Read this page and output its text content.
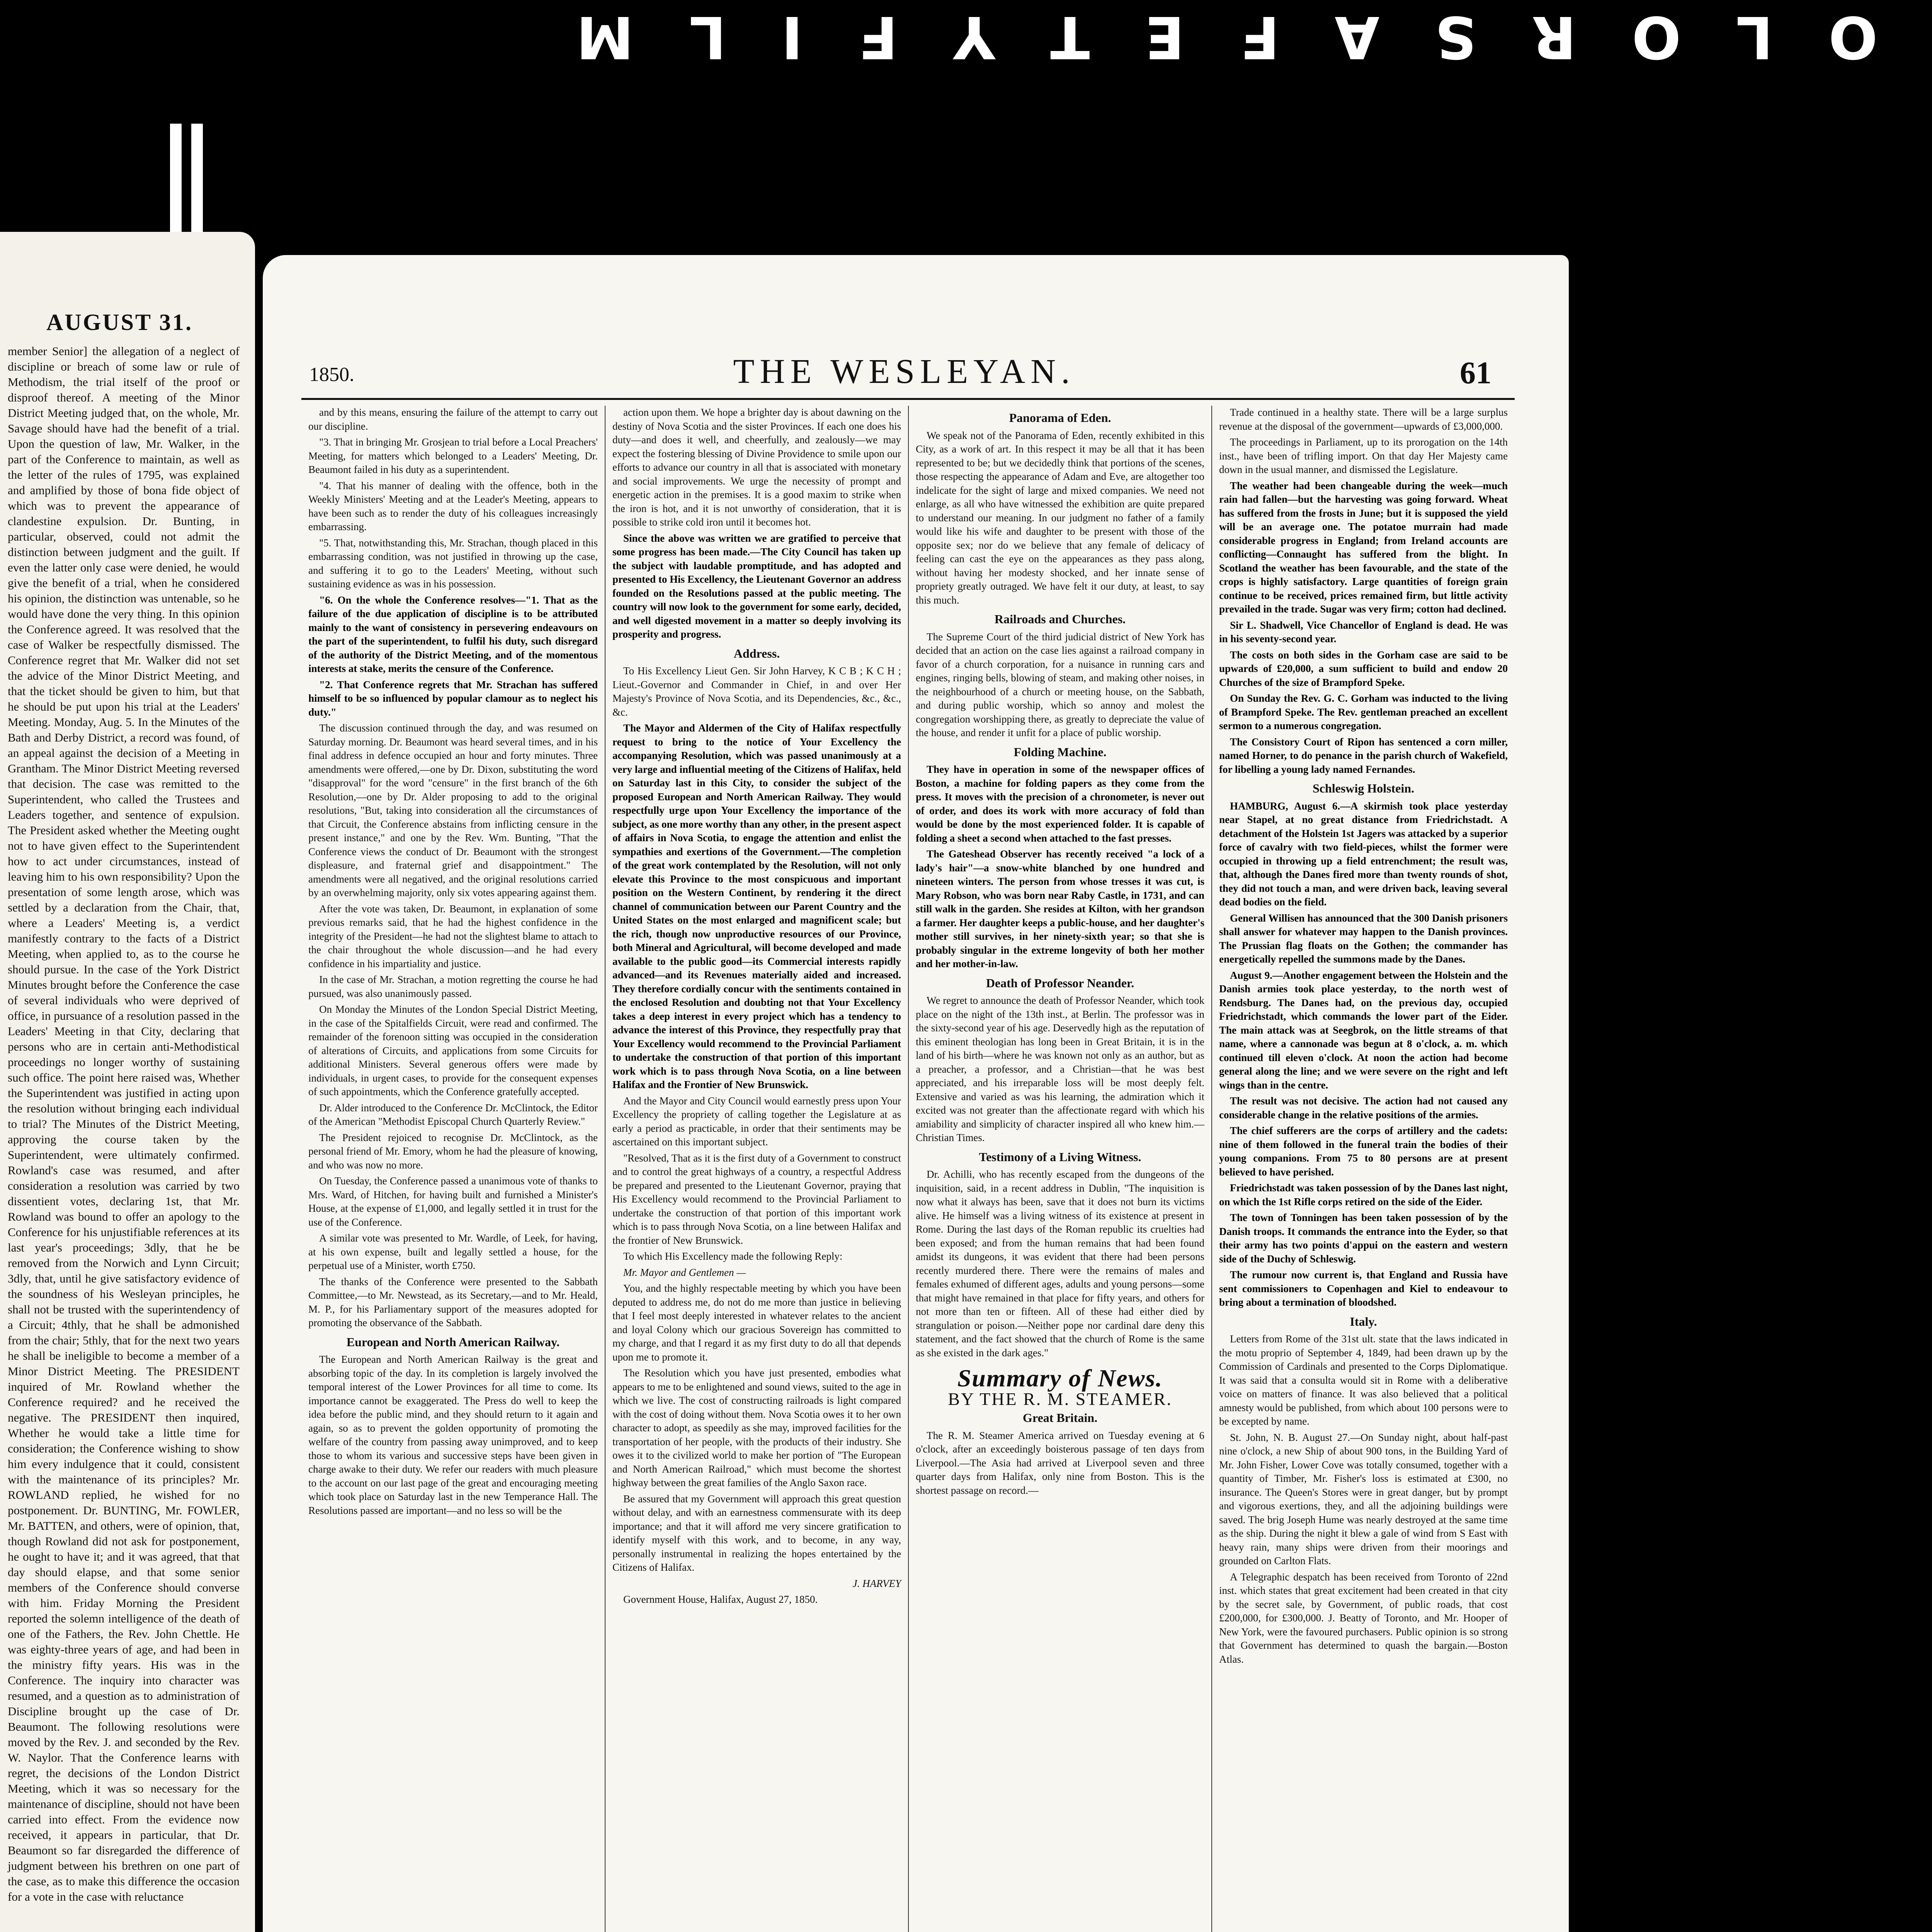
M L I F Y T E F A S R O L O
AUGUST 31.
member Senior] the allegation of a neglect of discipline or breach of some law or rule of Methodism, the trial itself of the proof or disproof thereof. A meeting of the Minor District Meeting judged that, on the whole, Mr. Savage should have had the benefit of a trial. Upon the question of law, Mr. Walker, in the part of the Conference to maintain, as well as the letter of the rules of 1795, was explained and amplified by those of bona fide object of which was to prevent the appearance of clandestine expulsion. Dr. Bunting, in particular, observed, could not admit the distinction between judgment and the guilt. If even the latter only case were denied, he would give the benefit of a trial, when he considered his opinion, the distinction was untenable, so he would have done the very thing. In this opinion the Conference agreed. It was resolved that the case of Walker be respectfully dismissed. The Conference regret that Mr. Walker did not set the advice of the Minor District Meeting, and that the ticket should be given to him, but that he should be put upon his trial at the Leaders' Meeting. Monday, Aug. 5. In the Minutes of the Bath and Derby District, a record was found, of an appeal against the decision of a Meeting in Grantham. The Minor District Meeting reversed that decision. The case was remitted to the Superintendent, who called the Trustees and Leaders together, and sentence of expulsion. The President asked whether the Meeting ought not to have given effect to the Superintendent how to act under circumstances, instead of leaving him to his own responsibility? Upon the presentation of some length arose, which was settled by a declaration from the Chair, that, where a Leaders' Meeting is, a verdict manifestly contrary to the facts of a District Meeting, when applied to, as to the course he should pursue. In the case of the York District Minutes brought before the Conference the case of several individuals who were deprived of office, in pursuance of a resolution passed in the Leaders' Meeting in that City, declaring that persons who are in certain anti-Methodistical proceedings no longer worthy of sustaining such office. The point here raised was, Whether the Superintendent was justified in acting upon the resolution without bringing each individual to trial? The Minutes of the District Meeting, approving the course taken by the Superintendent, were ultimately confirmed. Rowland's case was resumed, and after consideration a resolution was carried by two dissentient votes, declaring 1st, that Mr. Rowland was bound to offer an apology to the Conference for his unjustifiable references at its last year's proceedings; 3dly, that he be removed from the Norwich and Lynn Circuit; 3dly, that, until he give satisfactory evidence of the soundness of his Wesleyan principles, he shall not be trusted with the superintendency of a Circuit; 4thly, that he shall be admonished from the chair; 5thly, that for the next two years he shall be ineligible to become a member of a Minor District Meeting. The PRESIDENT inquired of Mr. Rowland whether the Conference required? and he received the negative. The PRESIDENT then inquired, Whether he would take a little time for consideration; the Conference wishing to show him every indulgence that it could, consistent with the maintenance of its principles? Mr. ROWLAND replied, he wished for no postponement. Dr. BUNTING, Mr. FOWLER, Mr. BATTEN, and others, were of opinion, that, though Rowland did not ask for postponement, he ought to have it; and it was agreed, that that day should elapse, and that some senior members of the Conference should converse with him. Friday Morning the President reported the solemn intelligence of the death of one of the Fathers, the Rev. John Chettle. He was eighty-three years of age, and had been in the ministry fifty years. His was in the Conference. The inquiry into character was resumed, and a question as to administration of Discipline brought up the case of Dr. Beaumont. The following resolutions were moved by the Rev. J. and seconded by the Rev. W. Naylor. That the Conference learns with regret, the decisions of the London District Meeting, which it was so necessary for the maintenance of discipline, should not have been carried into effect. From the evidence now received, it appears in particular, that Dr. Beaumont so far disregarded the difference of judgment between his brethren on one part of the case, as to make this difference the occasion for a vote in the case with reluctance
1850.	THE WESLEYAN.	61

and by this means, ensuring the failure of the attempt to carry out our discipline.

"3. That in bringing Mr. Grosjean to trial before a Local Preachers' Meeting, for matters which belonged to a Leaders' Meeting, Dr. Beaumont failed in his duty as a superintendent.

"4. That his manner of dealing with the offence, both in the Weekly Ministers' Meeting and at the Leader's Meeting, appears to have been such as to render the duty of his colleagues increasingly embarrassing.

"5. That, notwithstanding this, Mr. Strachan, though placed in this embarrassing condition, was not justified in throwing up the case, and suffering it to go to the Leaders' Meeting, without such sustaining evidence as was in his possession.

"6. On the whole the Conference resolves—"1. That as the failure of the due application of discipline is to be attributed mainly to the want of consistency in persevering endeavours on the part of the superintendent, to fulfil his duty, such disregard of the authority of the District Meeting, and of the momentous interests at stake, merits the censure of the Conference.

"2. That Conference regrets that Mr. Strachan has suffered himself to be so influenced by popular clamour as to neglect his duty."

The discussion continued through the day, and was resumed on Saturday morning. Dr. Beaumont was heard several times, and in his final address in defence occupied an hour and forty minutes. Three amendments were offered,—one by Dr. Dixon, substituting the word "disapproval" for the word "censure" in the first branch of the 6th Resolution,—one by Dr. Alder proposing to add to the original resolutions, "But, taking into consideration all the circumstances of that Circuit, the Conference abstains from inflicting censure in the present instance," and one by the Rev. Wm. Bunting, "That the Conference views the conduct of Dr. Beaumont with the strongest displeasure, and fraternal grief and disappointment." The amendments were all negatived, and the original resolutions carried by an overwhelming majority, only six votes appearing against them.

After the vote was taken, Dr. Beaumont, in explanation of some previous remarks said, that he had the highest confidence in the integrity of the President—he had not the slightest blame to attach to the chair throughout the whole discussion—and he had every confidence in his impartiality and justice.

In the case of Mr. Strachan, a motion regretting the course he had pursued, was also unanimously passed.

On Monday the Minutes of the London Special District Meeting, in the case of the Spitalfields Circuit, were read and confirmed. The remainder of the forenoon sitting was occupied in the consideration of alterations of Circuits, and applications from some Circuits for additional Ministers. Several generous offers were made by individuals, in urgent cases, to provide for the consequent expenses of such appointments, which the Conference gratefully accepted.

Dr. Alder introduced to the Conference Dr. McClintock, the Editor of the American "Methodist Episcopal Church Quarterly Review."

The President rejoiced to recognise Dr. McClintock, as the personal friend of Mr. Emory, whom he had the pleasure of knowing, and who was now no more.

On Tuesday, the Conference passed a unanimous vote of thanks to Mrs. Ward, of Hitchen, for having built and furnished a Minister's House, at the expense of £1,000, and legally settled it in trust for the use of the Conference.

A similar vote was presented to Mr. Wardle, of Leek, for having, at his own expense, built and legally settled a house, for the perpetual use of a Minister, worth £750.

The thanks of the Conference were presented to the Sabbath Committee,—to Mr. Newstead, as its Secretary,—and to Mr. Heald, M. P., for his Parliamentary support of the measures adopted for promoting the observance of the Sabbath.

European and North American Railway.

The European and North American Railway is the great and absorbing topic of the day. In its completion is largely involved the temporal interest of the Lower Provinces for all time to come. Its importance cannot be exaggerated. The Press do well to keep the idea before the public mind, and they should return to it again and again, so as to prevent the golden opportunity of promoting the welfare of the country from passing away unimproved, and to keep those to whom its various and successive steps have been given in charge awake to their duty. We refer our readers with much pleasure to the account on our last page of the great and encouraging meeting which took place on Saturday last in the new Temperance Hall. The Resolutions passed are important—and no less so will be the

action upon them. We hope a brighter day is about dawning on the destiny of Nova Scotia and the sister Provinces. If each one does his duty—and does it well, and cheerfully, and zealously—we may expect the fostering blessing of Divine Providence to smile upon our efforts to advance our country in all that is associated with monetary and social improvements. We urge the necessity of prompt and energetic action in the premises. It is a good maxim to strike when the iron is hot, and it is not unworthy of consideration, that it is possible to strike cold iron until it becomes hot.

Since the above was written we are gratified to perceive that some progress has been made.—The City Council has taken up the subject with laudable promptitude, and has adopted and presented to His Excellency, the Lieutenant Governor an address founded on the Resolutions passed at the public meeting. The country will now look to the government for some early, decided, and well digested movement in a matter so deeply involving its prosperity and progress.

Address.

To His Excellency Lieut Gen. Sir John Harvey, K C B ; K C H ; Lieut.-Governor and Commander in Chief, in and over Her Majesty's Province of Nova Scotia, and its Dependencies, &c., &c., &c.

The Mayor and Aldermen of the City of Halifax respectfully request to bring to the notice of Your Excellency the accompanying Resolution, which was passed unanimously at a very large and influential meeting of the Citizens of Halifax, held on Saturday last in this City, to consider the subject of the proposed European and North American Railway. They would respectfully urge upon Your Excellency the importance of the subject, as one more worthy than any other, in the present aspect of affairs in Nova Scotia, to engage the attention and enlist the sympathies and exertions of the Government.—The completion of the great work contemplated by the Resolution, will not only elevate this Province to the most conspicuous and important position on the Western Continent, by rendering it the direct channel of communication between our Parent Country and the United States on the most enlarged and magnificent scale; but the rich, though now unproductive resources of our Province, both Mineral and Agricultural, will become developed and made available to the public good—its Commercial interests rapidly advanced—and its Revenues materially aided and increased. They therefore cordially concur with the sentiments contained in the enclosed Resolution and doubting not that Your Excellency takes a deep interest in every project which has a tendency to advance the interest of this Province, they respectfully pray that Your Excellency would recommend to the Provincial Parliament to undertake the construction of that portion of this important work which is to pass through Nova Scotia, on a line between Halifax and the Frontier of New Brunswick.

And the Mayor and City Council would earnestly press upon Your Excellency the propriety of calling together the Legislature at as early a period as practicable, in order that their sentiments may be ascertained on this important subject.

"Resolved, That as it is the first duty of a Government to construct and to control the great highways of a country, a respectful Address be prepared and presented to the Lieutenant Governor, praying that His Excellency would recommend to the Provincial Parliament to undertake the construction of that portion of this important work which is to pass through Nova Scotia, on a line between Halifax and the frontier of New Brunswick.

To which His Excellency made the following Reply:

Mr. Mayor and Gentlemen —

You, and the highly respectable meeting by which you have been deputed to address me, do not do me more than justice in believing that I feel most deeply interested in whatever relates to the ancient and loyal Colony which our gracious Sovereign has committed to my charge, and that I regard it as my first duty to do all that depends upon me to promote it.

The Resolution which you have just presented, embodies what appears to me to be enlightened and sound views, suited to the age in which we live. The cost of constructing railroads is light compared with the cost of doing without them. Nova Scotia owes it to her own character to adopt, as speedily as she may, improved facilities for the transportation of her people, with the products of their industry. She owes it to the civilized world to make her portion of "The European and North American Railroad," which must become the shortest highway between the great families of the Anglo Saxon race.

Be assured that my Government will approach this great question without delay, and with an earnestness commensurate with its deep importance; and that it will afford me very sincere gratification to identify myself with this work, and to become, in any way, personally instrumental in realizing the hopes entertained by the Citizens of Halifax.

J. HARVEY

Government House, Halifax, August 27, 1850.

Panorama of Eden.

We speak not of the Panorama of Eden, recently exhibited in this City, as a work of art. In this respect it may be all that it has been represented to be; but we decidedly think that portions of the scenes, those respecting the appearance of Adam and Eve, are altogether too indelicate for the sight of large and mixed companies. We need not enlarge, as all who have witnessed the exhibition are quite prepared to understand our meaning. In our judgment no father of a family would like his wife and daughter to be present with those of the opposite sex; nor do we believe that any female of delicacy of feeling can cast the eye on the appearances as they pass along, without having her modesty shocked, and her innate sense of propriety greatly outraged. We have felt it our duty, at least, to say this much.

Railroads and Churches.

The Supreme Court of the third judicial district of New York has decided that an action on the case lies against a railroad company in favor of a church corporation, for a nuisance in running cars and engines, ringing bells, blowing of steam, and making other noises, in the neighbourhood of a church or meeting house, on the Sabbath, and during public worship, which so annoy and molest the congregation worshipping there, as greatly to depreciate the value of the house, and render it unfit for a place of public worship.

Folding Machine.

They have in operation in some of the newspaper offices of Boston, a machine for folding papers as they come from the press. It moves with the precision of a chronometer, is never out of order, and does its work with more accuracy of fold than would be done by the most experienced folder. It is capable of folding a sheet a second when attached to the fast presses.

The Gateshead Observer has recently received "a lock of a lady's hair"—a snow-white blanched by one hundred and nineteen winters. The person from whose tresses it was cut, is Mary Robson, who was born near Raby Castle, in 1731, and can still walk in the garden. She resides at Kilton, with her grandson a farmer. Her daughter keeps a public-house, and her daughter's mother still survives, in her ninety-sixth year; so that she is probably singular in the extreme longevity of both her mother and her mother-in-law.

Death of Professor Neander.

We regret to announce the death of Professor Neander, which took place on the night of the 13th inst., at Berlin. The professor was in the sixty-second year of his age. Deservedly high as the reputation of this eminent theologian has long been in Great Britain, it is in the land of his birth—where he was known not only as an author, but as a preacher, a professor, and a Christian—that he was best appreciated, and his irreparable loss will be most deeply felt. Extensive and varied as was his learning, the admiration which it excited was not greater than the affectionate regard with which his amiability and simplicity of character inspired all who knew him.—Christian Times.

Testimony of a Living Witness.

Dr. Achilli, who has recently escaped from the dungeons of the inquisition, said, in a recent address in Dublin, "The inquisition is now what it always has been, save that it does not burn its victims alive. He himself was a living witness of its existence at present in Rome. During the last days of the Roman republic its cruelties had been exposed; and from the human remains that had been found amidst its dungeons, it was evident that there had been persons recently murdered there. There were the remains of males and females exhumed of different ages, adults and young persons—some that might have remained in that place for fifty years, and others for not more than ten or fifteen. All of these had either died by strangulation or poison.—Neither pope nor cardinal dare deny this statement, and the fact showed that the church of Rome is the same as she existed in the dark ages."

Summary of News.
BY THE R. M. STEAMER.
Great Britain.

The R. M. Steamer America arrived on Tuesday evening at 6 o'clock, after an exceedingly boisterous passage of ten days from Liverpool.—The Asia had arrived at Liverpool seven and three quarter days from Halifax, only nine from Boston. This is the shortest passage on record.—

Trade continued in a healthy state. There will be a large surplus revenue at the disposal of the government—upwards of £3,000,000.

The proceedings in Parliament, up to its prorogation on the 14th inst., have been of trifling import. On that day Her Majesty came down in the usual manner, and dismissed the Legislature.

The weather had been changeable during the week—much rain had fallen—but the harvesting was going forward. Wheat has suffered from the frosts in June; but it is supposed the yield will be an average one. The potatoe murrain had made considerable progress in England; from Ireland accounts are conflicting—Connaught has suffered from the blight. In Scotland the weather has been favourable, and the state of the crops is highly satisfactory. Large quantities of foreign grain continue to be received, prices remained firm, but little activity prevailed in the trade. Sugar was very firm; cotton had declined.

Sir L. Shadwell, Vice Chancellor of England is dead. He was in his seventy-second year.

The costs on both sides in the Gorham case are said to be upwards of £20,000, a sum sufficient to build and endow 20 Churches of the size of Brampford Speke.

On Sunday the Rev. G. C. Gorham was inducted to the living of Brampford Speke. The Rev. gentleman preached an excellent sermon to a numerous congregation.

The Consistory Court of Ripon has sentenced a corn miller, named Horner, to do penance in the parish church of Wakefield, for libelling a young lady named Fernandes.

Schleswig Holstein.

HAMBURG, August 6.—A skirmish took place yesterday near Stapel, at no great distance from Friedrichstadt. A detachment of the Holstein 1st Jagers was attacked by a superior force of cavalry with two field-pieces, whilst the former were occupied in throwing up a field entrenchment; the result was, that, although the Danes fired more than twenty rounds of shot, they did not touch a man, and were driven back, leaving several dead bodies on the field.

General Willisen has announced that the 300 Danish prisoners shall answer for whatever may happen to the Danish provinces. The Prussian flag floats on the Gothen; the commander has energetically repelled the summons made by the Danes.

August 9.—Another engagement between the Holstein and the Danish armies took place yesterday, to the north west of Rendsburg. The Danes had, on the previous day, occupied Friedrichstadt, which commands the lower part of the Eider. The main attack was at Seegbrok, on the little streams of that name, where a cannonade was begun at 8 o'clock, a. m. which continued till eleven o'clock. At noon the action had become general along the line; and we were severe on the right and left wings than in the centre.

The result was not decisive. The action had not caused any considerable change in the relative positions of the armies.

The chief sufferers are the corps of artillery and the cadets: nine of them followed in the funeral train the bodies of their young companions. From 75 to 80 persons are at present believed to have perished.

Friedrichstadt was taken possession of by the Danes last night, on which the 1st Rifle corps retired on the side of the Eider.

The town of Tonningen has been taken possession of by the Danish troops. It commands the entrance into the Eyder, so that their army has two points d'appui on the eastern and western side of the Duchy of Schleswig.

The rumour now current is, that England and Russia have sent commissioners to Copenhagen and Kiel to endeavour to bring about a termination of bloodshed.

Italy.

Letters from Rome of the 31st ult. state that the laws indicated in the motu proprio of September 4, 1849, had been drawn up by the Commission of Cardinals and presented to the Corps Diplomatique. It was said that a consulta would sit in Rome with a deliberative voice on matters of finance. It was also believed that a political amnesty would be published, from which about 100 persons were to be excepted by name.

St. John, N. B. August 27.—On Sunday night, about half-past nine o'clock, a new Ship of about 900 tons, in the Building Yard of Mr. John Fisher, Lower Cove was totally consumed, together with a quantity of Timber, Mr. Fisher's loss is estimated at £300, no insurance. The Queen's Stores were in great danger, but by prompt and vigorous exertions, they, and all the adjoining buildings were saved. The brig Joseph Hume was nearly destroyed at the same time as the ship. During the night it blew a gale of wind from S East with heavy rain, many ships were driven from their moorings and grounded on Carlton Flats.

A Telegraphic despatch has been received from Toronto of 22nd inst. which states that great excitement had been created in that city by the secret sale, by Government, of public roads, that cost £200,000, for £300,000. J. Beatty of Toronto, and Mr. Hooper of New York, were the favoured purchasers. Public opinion is so strong that Government has determined to quash the bargain.—Boston Atlas.
